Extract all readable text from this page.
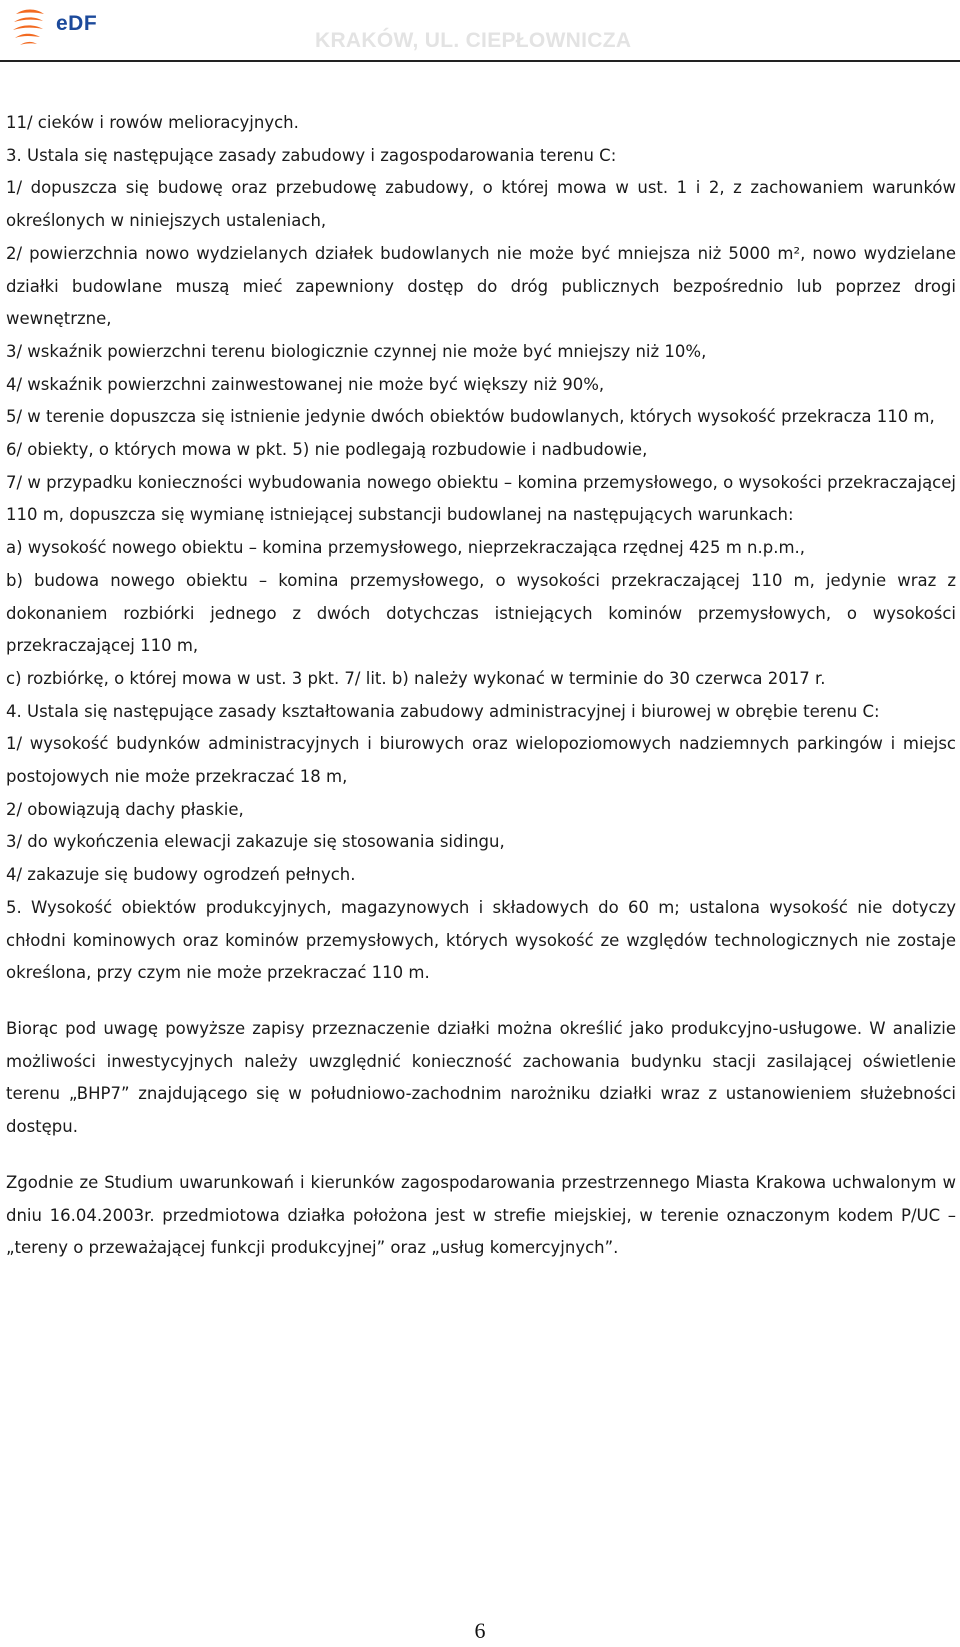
eDF
KRAKÓW, UL. CIEPŁOWNICZA

11/ cieków i rowów melioracyjnych.

3. Ustala się następujące zasady zabudowy i zagospodarowania terenu C:

1/ dopuszcza się budowę oraz przebudowę zabudowy, o której mowa w ust. 1 i 2, z zachowaniem warunków określonych w niniejszych ustaleniach,

2/ powierzchnia nowo wydzielanych działek budowlanych nie może być mniejsza niż 5000 m², nowo wydzielane działki budowlane muszą mieć zapewniony dostęp do dróg publicznych bezpośrednio lub poprzez drogi wewnętrzne,

3/ wskaźnik powierzchni terenu biologicznie czynnej nie może być mniejszy niż 10%,

4/ wskaźnik powierzchni zainwestowanej nie może być większy niż 90%,

5/ w terenie dopuszcza się istnienie jedynie dwóch obiektów budowlanych, których wysokość przekracza 110 m,

6/ obiekty, o których mowa w pkt. 5) nie podlegają rozbudowie i nadbudowie,

7/ w przypadku konieczności wybudowania nowego obiektu – komina przemysłowego, o wysokości przekraczającej 110 m, dopuszcza się wymianę istniejącej substancji budowlanej na następujących warunkach:

a) wysokość nowego obiektu – komina przemysłowego, nieprzekraczająca rzędnej 425 m n.p.m.,

b) budowa nowego obiektu – komina przemysłowego, o wysokości przekraczającej 110 m, jedynie wraz z dokonaniem rozbiórki jednego z dwóch dotychczas istniejących kominów przemysłowych, o wysokości przekraczającej 110 m,

c) rozbiórkę, o której mowa w ust. 3 pkt. 7/ lit. b) należy wykonać w terminie do 30 czerwca 2017 r.

4. Ustala się następujące zasady kształtowania zabudowy administracyjnej i biurowej w obrębie terenu C:

1/ wysokość budynków administracyjnych i biurowych oraz wielopoziomowych nadziemnych parkingów i miejsc postojowych nie może przekraczać 18 m,

2/ obowiązują dachy płaskie,

3/ do wykończenia elewacji zakazuje się stosowania sidingu,

4/ zakazuje się budowy ogrodzeń pełnych.

5. Wysokość obiektów produkcyjnych, magazynowych i składowych do 60 m; ustalona wysokość nie dotyczy chłodni kominowych oraz kominów przemysłowych, których wysokość ze względów technologicznych nie zostaje określona, przy czym nie może przekraczać 110 m.

Biorąc pod uwagę powyższe zapisy przeznaczenie działki można określić jako produkcyjno-usługowe. W analizie możliwości inwestycyjnych należy uwzględnić konieczność zachowania budynku stacji zasilającej oświetlenie terenu „BHP7” znajdującego się w południowo-zachodnim narożniku działki wraz z ustanowieniem służebności dostępu.

Zgodnie ze Studium uwarunkowań i kierunków zagospodarowania przestrzennego Miasta Krakowa uchwalonym w dniu 16.04.2003r. przedmiotowa działka położona jest w strefie miejskiej, w terenie oznaczonym kodem P/UC – „tereny o przeważającej funkcji produkcyjnej” oraz „usług komercyjnych”.

6
